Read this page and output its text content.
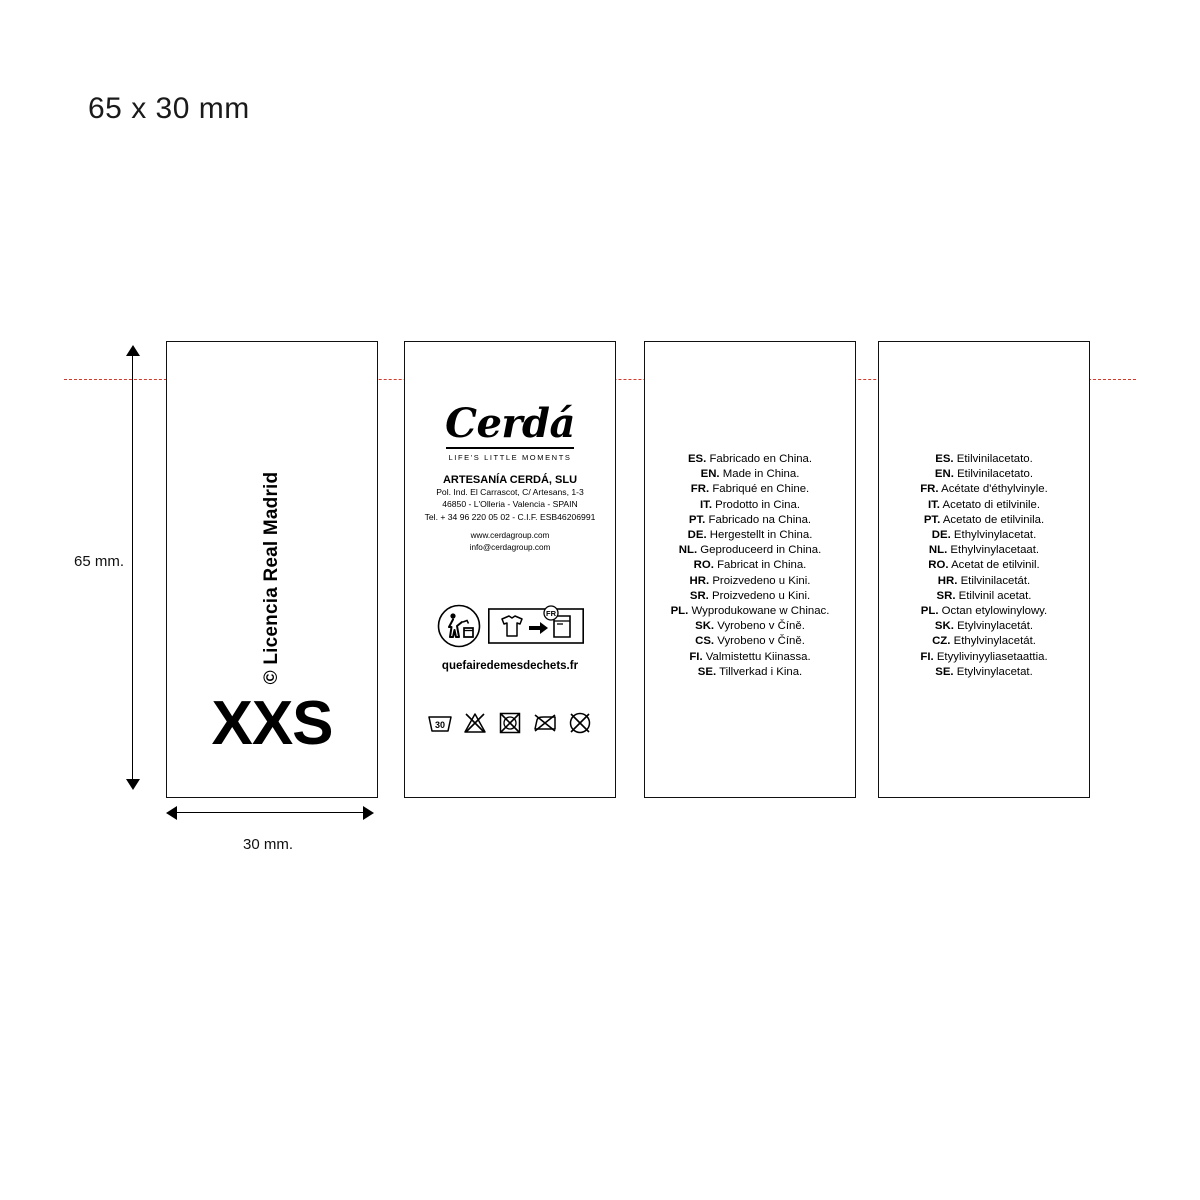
65 x 30 mm
65 mm.
30 mm.
© Licencia Real Madrid
XXS
Cerdá
LIFE'S LITTLE MOMENTS
ARTESANÍA CERDÁ, SLU
Pol. Ind. El Carrascot, C/ Artesans, 1-3
46850 - L'Olleria - Valencia - SPAIN
Tel. + 34 96 220 05 02 - C.I.F. ESB46206991
www.cerdagroup.com
info@cerdagroup.com
FR
quefairedemesdechets.fr
30
ES. Fabricado en China.
EN. Made in China.
FR. Fabriqué en Chine.
IT. Prodotto in Cina.
PT. Fabricado na China.
DE. Hergestellt in China.
NL. Geproduceerd in China.
RO. Fabricat in China.
HR. Proizvedeno u Kini.
SR. Proizvedeno u Kini.
PL. Wyprodukowane w Chinac.
SK. Vyrobeno v Číně.
CS. Vyrobeno v Číně.
FI. Valmistettu Kiinassa.
SE. Tillverkad i Kina.
ES. Etilvinilacetato.
EN. Etilvinilacetato.
FR. Acétate d'éthylvinyle.
IT. Acetato di etilvinile.
PT. Acetato de etilvinila.
DE. Ethylvinylacetat.
NL. Ethylvinylacetaat.
RO. Acetat de etilvinil.
HR. Etilvinilacetát.
SR. Etilvinil acetat.
PL. Octan etylowinylowy.
SK. Etylvinylacetát.
CZ. Ethylvinylacetát.
FI. Etyylivinyyliasetaattia.
SE. Etylvinylacetat.
